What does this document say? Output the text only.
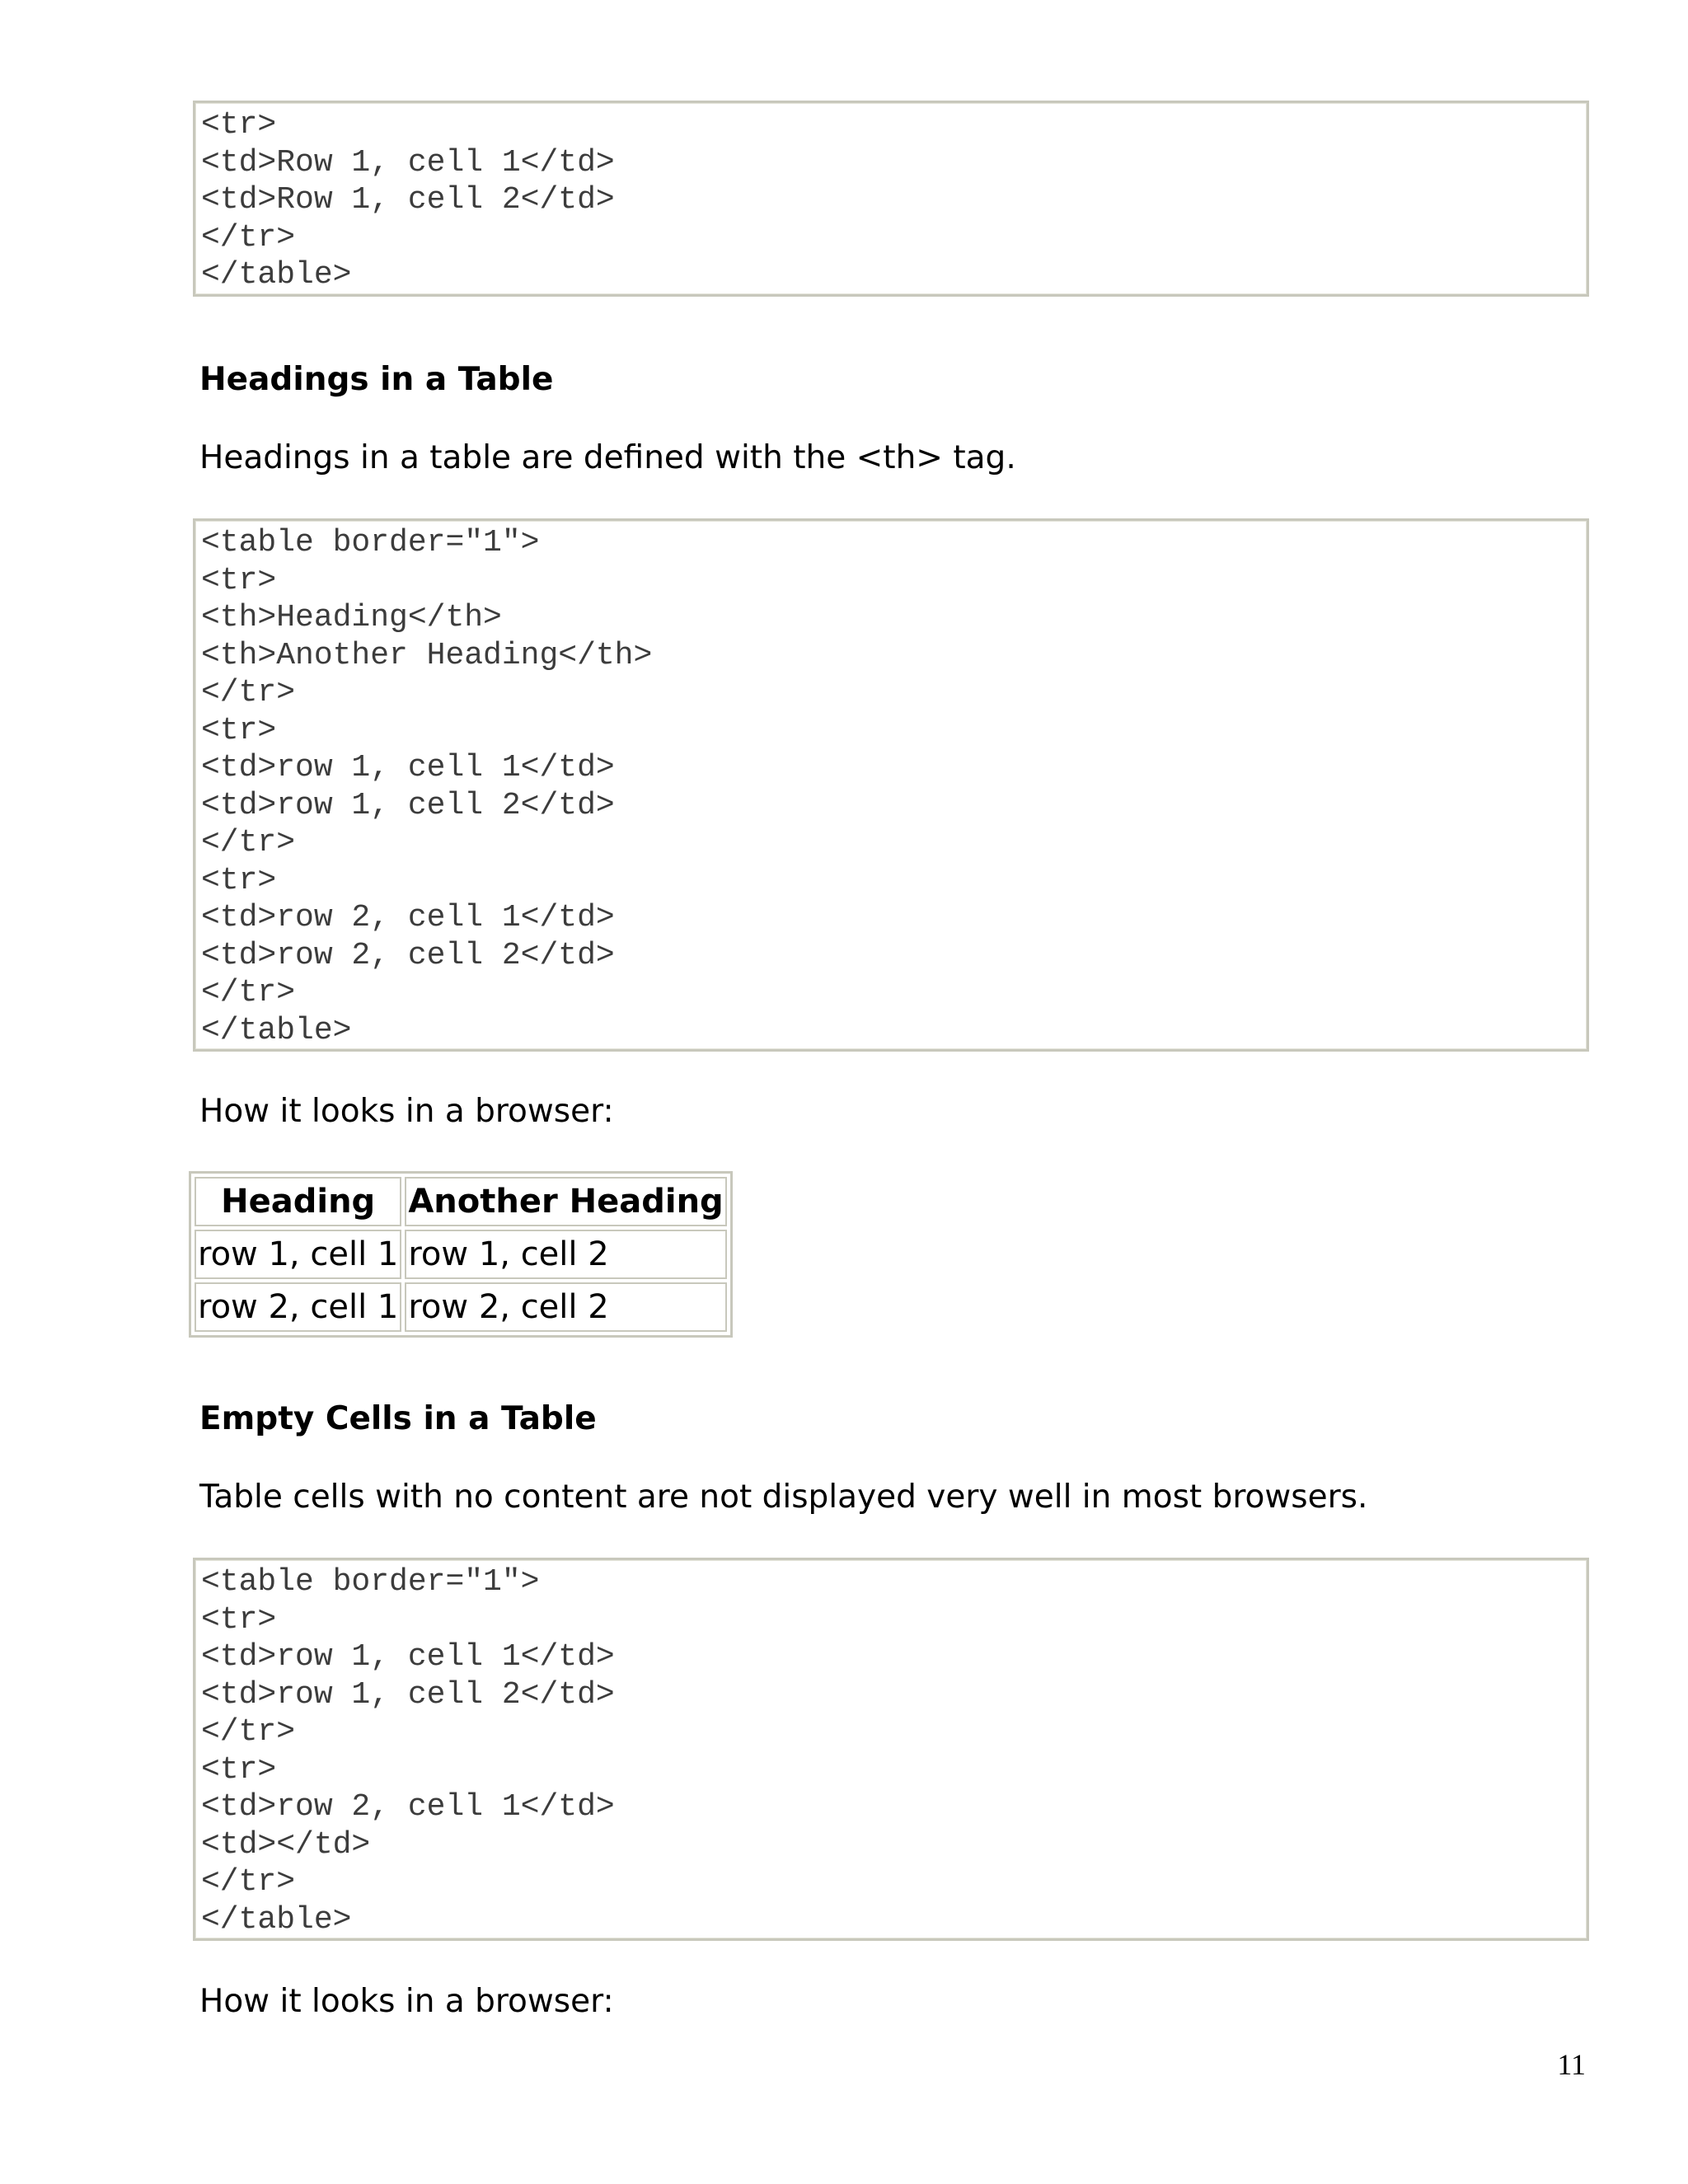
<tr>
<td>Row 1, cell 1</td>
<td>Row 1, cell 2</td>
</tr>
</table>
Headings in a Table

Headings in a table are defined with the <th> tag.

<table border="1">
<tr>
<th>Heading</th>
<th>Another Heading</th>
</tr>
<tr>
<td>row 1, cell 1</td>
<td>row 1, cell 2</td>
</tr>
<tr>
<td>row 2, cell 1</td>
<td>row 2, cell 2</td>
</tr>
</table>

How it looks in a browser:

Heading	Another Heading
row 1, cell 1	row 1, cell 2
row 2, cell 1	row 2, cell 2
Empty Cells in a Table

Table cells with no content are not displayed very well in most browsers.

<table border="1">
<tr>
<td>row 1, cell 1</td>
<td>row 1, cell 2</td>
</tr>
<tr>
<td>row 2, cell 1</td>
<td></td>
</tr>
</table>

How it looks in a browser:

11
